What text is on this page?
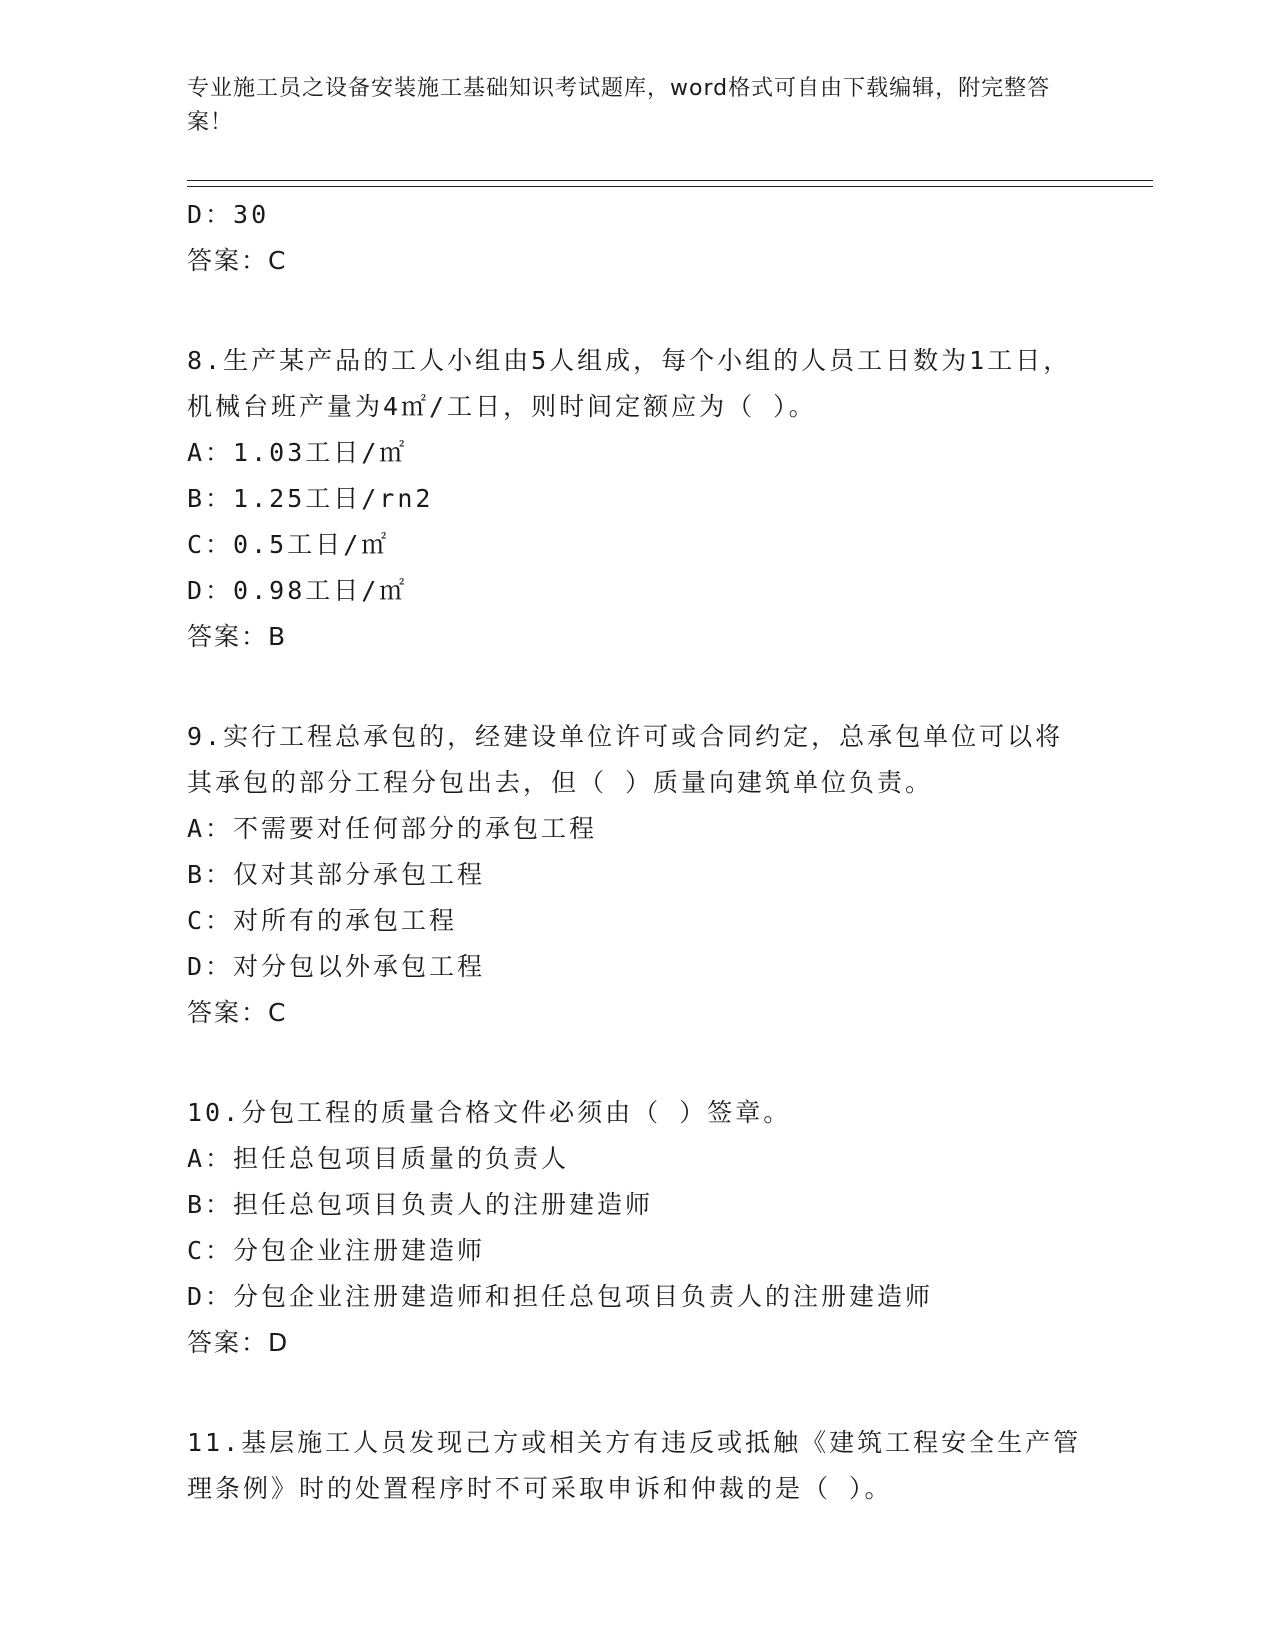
专业施工员之设备安装施工基础知识考试题库，word格式可自由下载编辑，附完整答案！
D：30
答案：C
8.生产某产品的工人小组由5人组成，每个小组的人员工日数为1工日，机械台班产量为4㎡/工日，则时间定额应为（ ）。
A：1.03工日/㎡
B：1.25工日/rn2
C：0.5工日/㎡
D：0.98工日/㎡
答案：B
9.实行工程总承包的，经建设单位许可或合同约定，总承包单位可以将其承包的部分工程分包出去，但（ ）质量向建筑单位负责。
A：不需要对任何部分的承包工程
B：仅对其部分承包工程
C：对所有的承包工程
D：对分包以外承包工程
答案：C
10.分包工程的质量合格文件必须由（ ）签章。
A：担任总包项目质量的负责人
B：担任总包项目负责人的注册建造师
C：分包企业注册建造师
D：分包企业注册建造师和担任总包项目负责人的注册建造师
答案：D
11.基层施工人员发现己方或相关方有违反或抵触《建筑工程安全生产管理条例》时的处置程序时不可采取申诉和仲裁的是（ ）。
